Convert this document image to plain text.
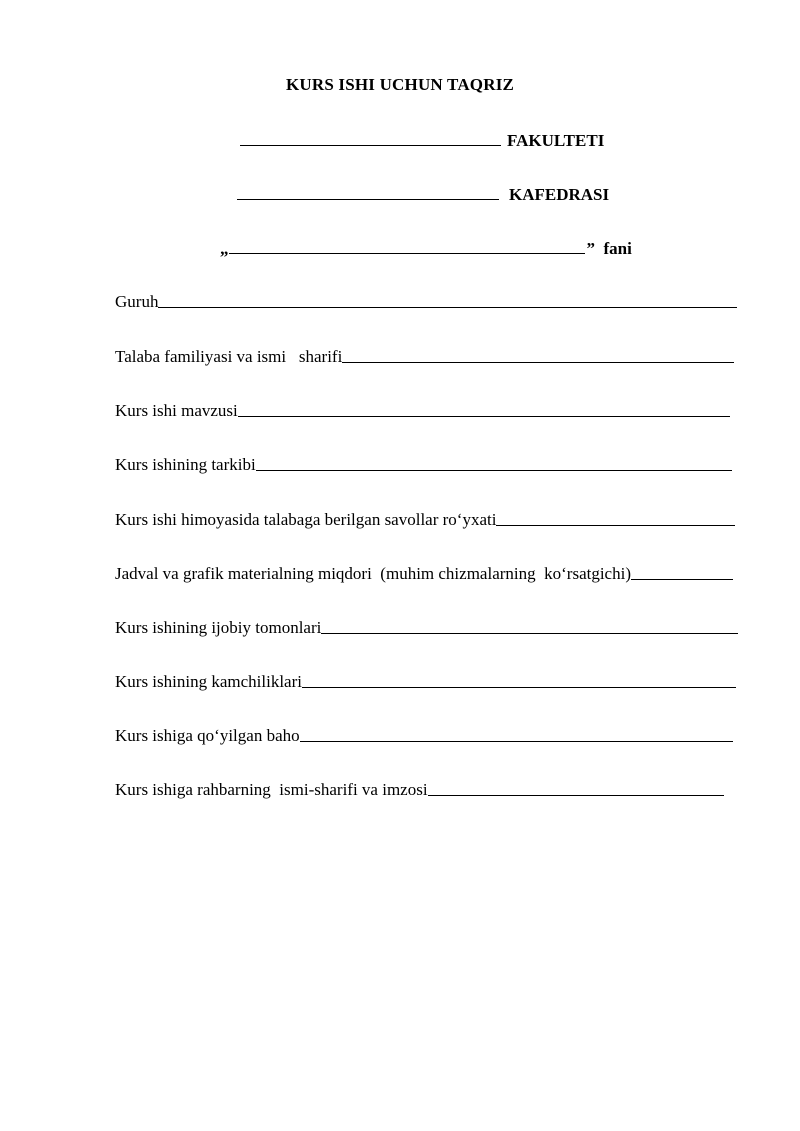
KURS ISHI UCHUN TAQRIZ
FAKULTETI
KAFEDRASI
„	” fani
Guruh
Talaba familiyasi va ismi   sharifi
Kurs ishi mavzusi
Kurs ishining tarkibi
Kurs ishi himoyasida talabaga berilgan savollar ro‘yxati
Jadval va grafik materialning miqdori  (muhim chizmalarning  ko‘rsatgichi)
Kurs ishining ijobiy tomonlari
Kurs ishining kamchiliklari
Kurs ishiga qo‘yilgan baho
Kurs ishiga rahbarning  ismi-sharifi va imzosi
